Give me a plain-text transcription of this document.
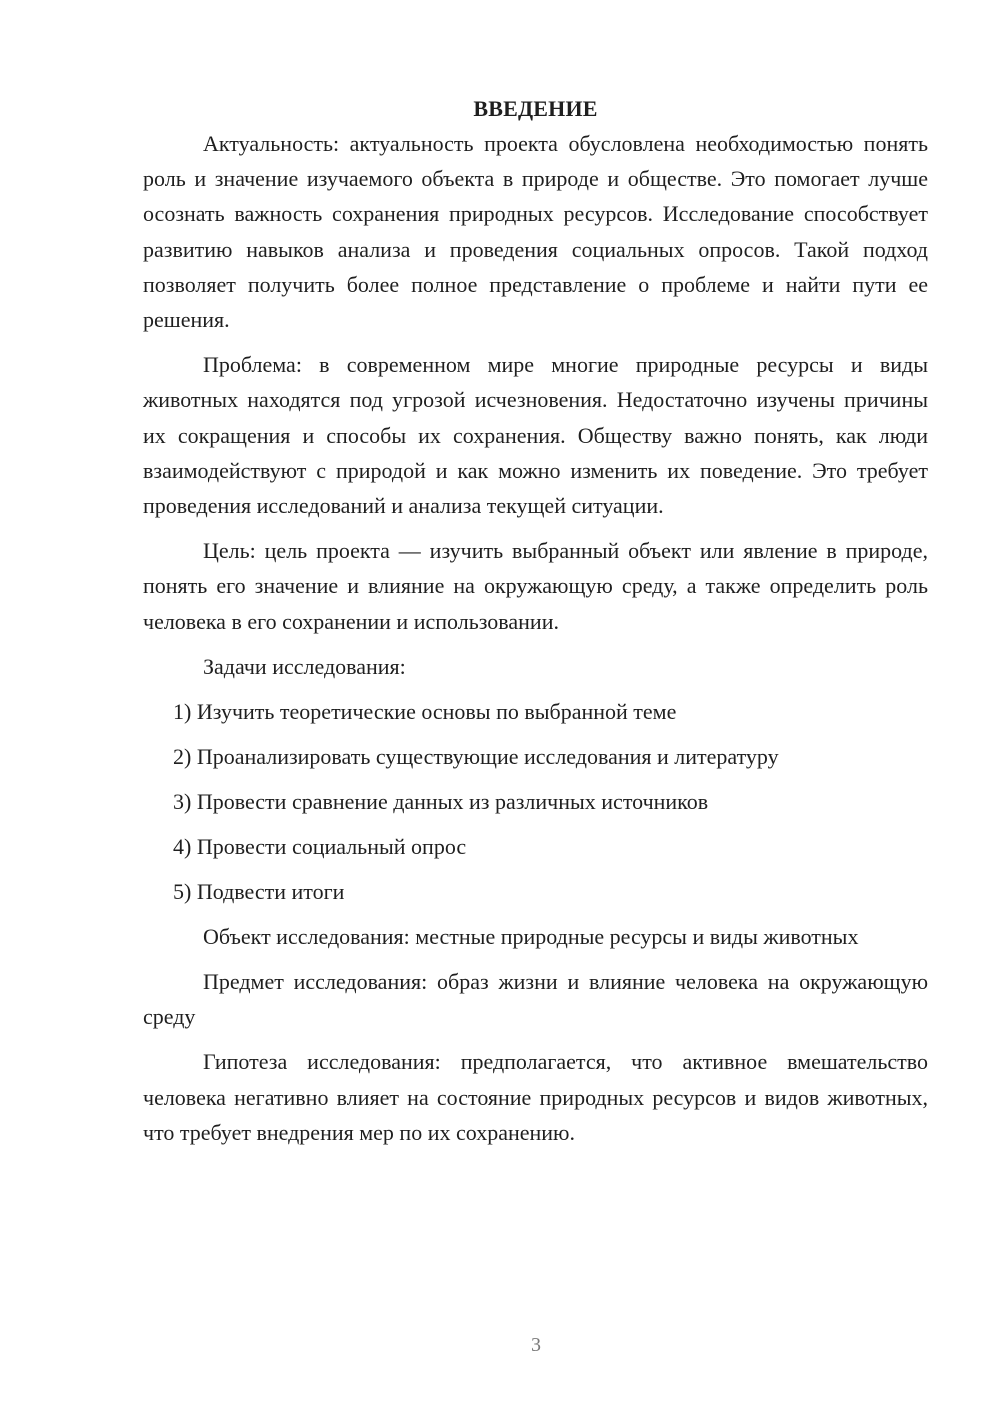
ВВЕДЕНИЕ

Актуальность: актуальность проекта обусловлена необходимостью понять роль и значение изучаемого объекта в природе и обществе. Это помогает лучше осознать важность сохранения природных ресурсов. Исследование способствует развитию навыков анализа и проведения социальных опросов. Такой подход позволяет получить более полное представление о проблеме и найти пути ее решения.

Проблема: в современном мире многие природные ресурсы и виды животных находятся под угрозой исчезновения. Недостаточно изучены причины их сокращения и способы их сохранения. Обществу важно понять, как люди взаимодействуют с природой и как можно изменить их поведение. Это требует проведения исследований и анализа текущей ситуации.

Цель: цель проекта — изучить выбранный объект или явление в природе, понять его значение и влияние на окружающую среду, а также определить роль человека в его сохранении и использовании.

Задачи исследования:

1) Изучить теоретические основы по выбранной теме

2) Проанализировать существующие исследования и литературу

3) Провести сравнение данных из различных источников

4) Провести социальный опрос

5) Подвести итоги

Объект исследования: местные природные ресурсы и виды животных

Предмет исследования: образ жизни и влияние человека на окружающую среду

Гипотеза исследования: предполагается, что активное вмешательство человека негативно влияет на состояние природных ресурсов и видов животных, что требует внедрения мер по их сохранению.

3
